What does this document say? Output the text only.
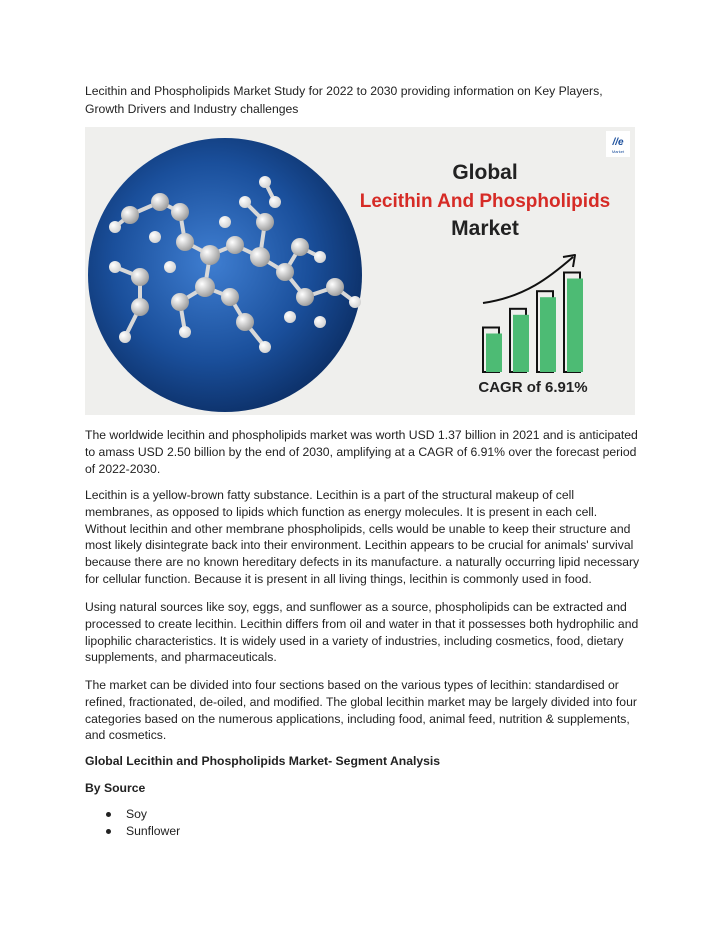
Lecithin and Phospholipids Market Study for 2022 to 2030 providing information on Key Players, Growth Drivers and Industry challenges
//e
Market
Global
Lecithin And Phospholipids
Market
CAGR of 6.91%

The worldwide lecithin and phospholipids market was worth USD 1.37 billion in 2021 and is anticipated to amass USD 2.50 billion by the end of 2030, amplifying at a CAGR of 6.91% over the forecast period of 2022-2030.

Lecithin is a yellow-brown fatty substance. Lecithin is a part of the structural makeup of cell membranes, as opposed to lipids which function as energy molecules. It is present in each cell. Without lecithin and other membrane phospholipids, cells would be unable to keep their structure and most likely disintegrate back into their environment. Lecithin appears to be crucial for animals' survival because there are no known hereditary defects in its manufacture. a naturally occurring lipid necessary for cellular function. Because it is present in all living things, lecithin is commonly used in food.

Using natural sources like soy, eggs, and sunflower as a source, phospholipids can be extracted and processed to create lecithin. Lecithin differs from oil and water in that it possesses both hydrophilic and lipophilic characteristics. It is widely used in a variety of industries, including cosmetics, food, dietary supplements, and pharmaceuticals.

The market can be divided into four sections based on the various types of lecithin: standardised or refined, fractionated, de-oiled, and modified. The global lecithin market may be largely divided into four categories based on the numerous applications, including food, animal feed, nutrition & supplements, and cosmetics.

Global Lecithin and Phospholipids Market- Segment Analysis

By Source

Soy
Sunflower
